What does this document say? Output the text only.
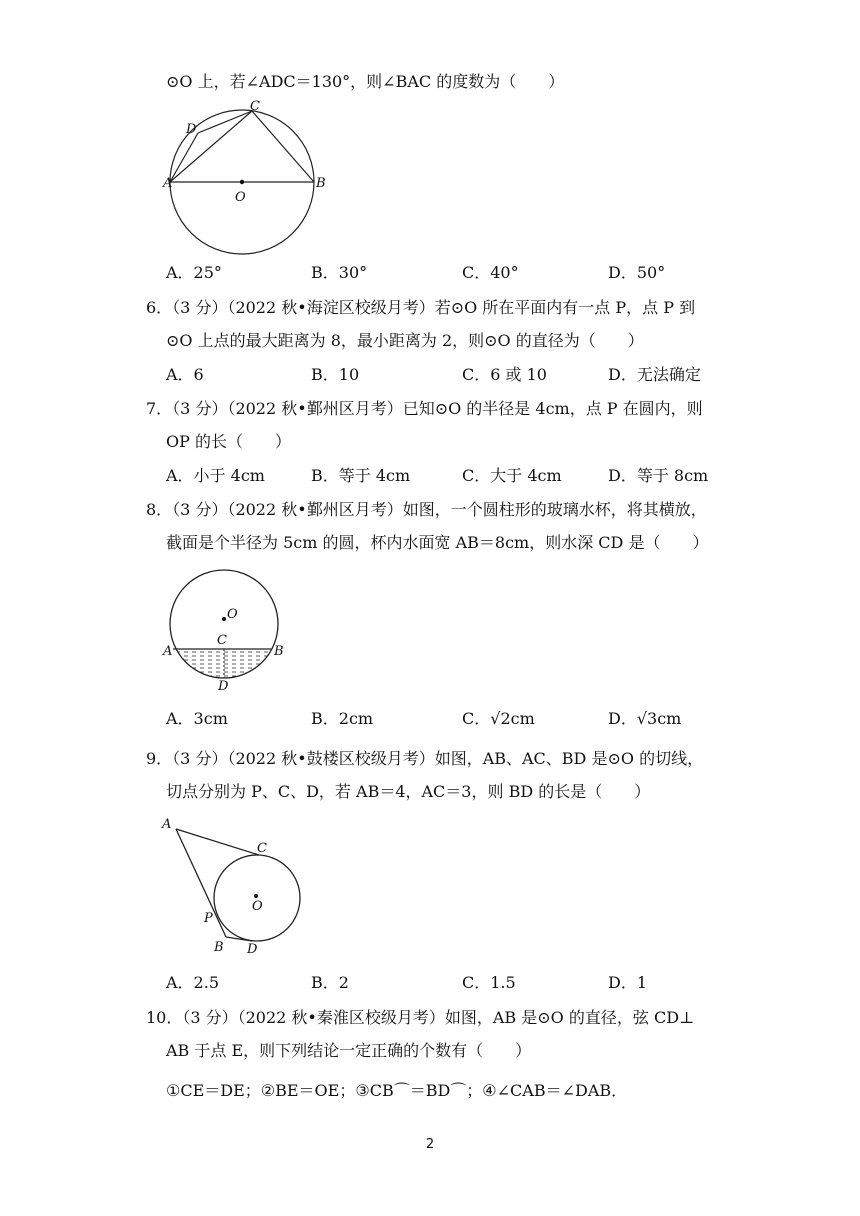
⊙O 上，若∠ADC＝130°，则∠BAC 的度数为（　　）
A	B
C
D
O
A．25°	B．30°	C．40°	D．50°
6．（3 分）（2022 秋•海淀区校级月考）若⊙O 所在平面内有一点 P，点 P 到
⊙O 上点的最大距离为 8，最小距离为 2，则⊙O 的直径为（　　）
A．6	B．10	C．6 或 10	D．无法确定
7．（3 分）（2022 秋•鄞州区月考）已知⊙O 的半径是 4cm，点 P 在圆内，则
OP 的长（　　）
A．小于 4cm	B．等于 4cm	C．大于 4cm	D．等于 8cm
8．（3 分）（2022 秋•鄞州区月考）如图，一个圆柱形的玻璃水杯，将其横放，
截面是个半径为 5cm 的圆，杯内水面宽 AB＝8cm，则水深 CD 是（　　）
O
C
A	B
D
A．3cm	B．2cm	C．√2cm	D．√3cm
9．（3 分）（2022 秋•鼓楼区校级月考）如图，AB、AC、BD 是⊙O 的切线，
切点分别为 P、C、D，若 AB＝4，AC＝3，则 BD 的长是（　　）
A
C
O
P
B D
A．2.5	B．2	C．1.5	D．1
10．（3 分）（2022 秋•秦淮区校级月考）如图，AB 是⊙O 的直径，弦 CD⊥
AB 于点 E，则下列结论一定正确的个数有（　　）
①CE＝DE；②BE＝OE；③CB⌒＝BD⌒；④∠CAB＝∠DAB．
2
